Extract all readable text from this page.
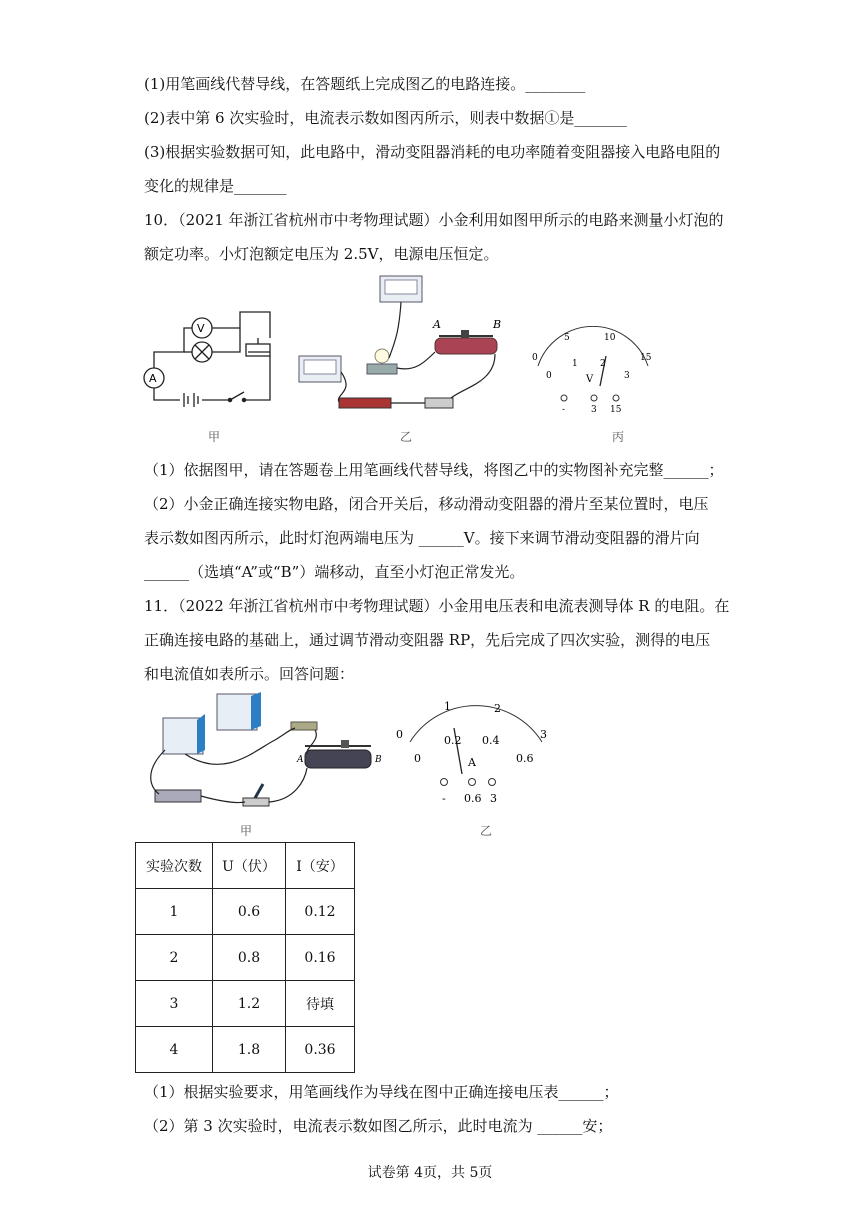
(1)用笔画线代替导线，在答题纸上完成图乙的电路连接。________
(2)表中第 6 次实验时，电流表示数如图丙所示，则表中数据①是_______
(3)根据实验数据可知，此电路中，滑动变阻器消耗的电功率随着变阻器接入电路电阻的
变化的规律是_______
10．（2021 年浙江省杭州市中考物理试题）小金利用如图甲所示的电路来测量小灯泡的
额定功率。小灯泡额定电压为 2.5V，电源电压恒定。
V
A
甲
A	B
乙
0
5	10
15
0
1 2
3
V
-	3 15
丙
（1）依据图甲，请在答题卷上用笔画线代替导线，将图乙中的实物图补充完整______；
（2）小金正确连接实物电路，闭合开关后，移动滑动变阻器的滑片至某位置时，电压
表示数如图丙所示，此时灯泡两端电压为 ______V。接下来调节滑动变阻器的滑片向
______（选填“A”或“B”）端移动，直至小灯泡正常发光。
11．（2022 年浙江省杭州市中考物理试题）小金用电压表和电流表测导体 R 的电阻。在
正确连接电路的基础上，通过调节滑动变阻器 RP，先后完成了四次实验，测得的电压
和电流值如表所示。回答问题：
A	B
甲
0
1	2
3
0
0.2 0.4
0.6
A
- 0.6 3
乙
实验次数	U（伏）	I（安）
1	0.6	0.12
2	0.8	0.16
3	1.2	待填
4	1.8	0.36
（1）根据实验要求，用笔画线作为导线在图中正确连接电压表______；
（2）第 3 次实验时，电流表示数如图乙所示，此时电流为 ______安；
试卷第 4页，共 5页
